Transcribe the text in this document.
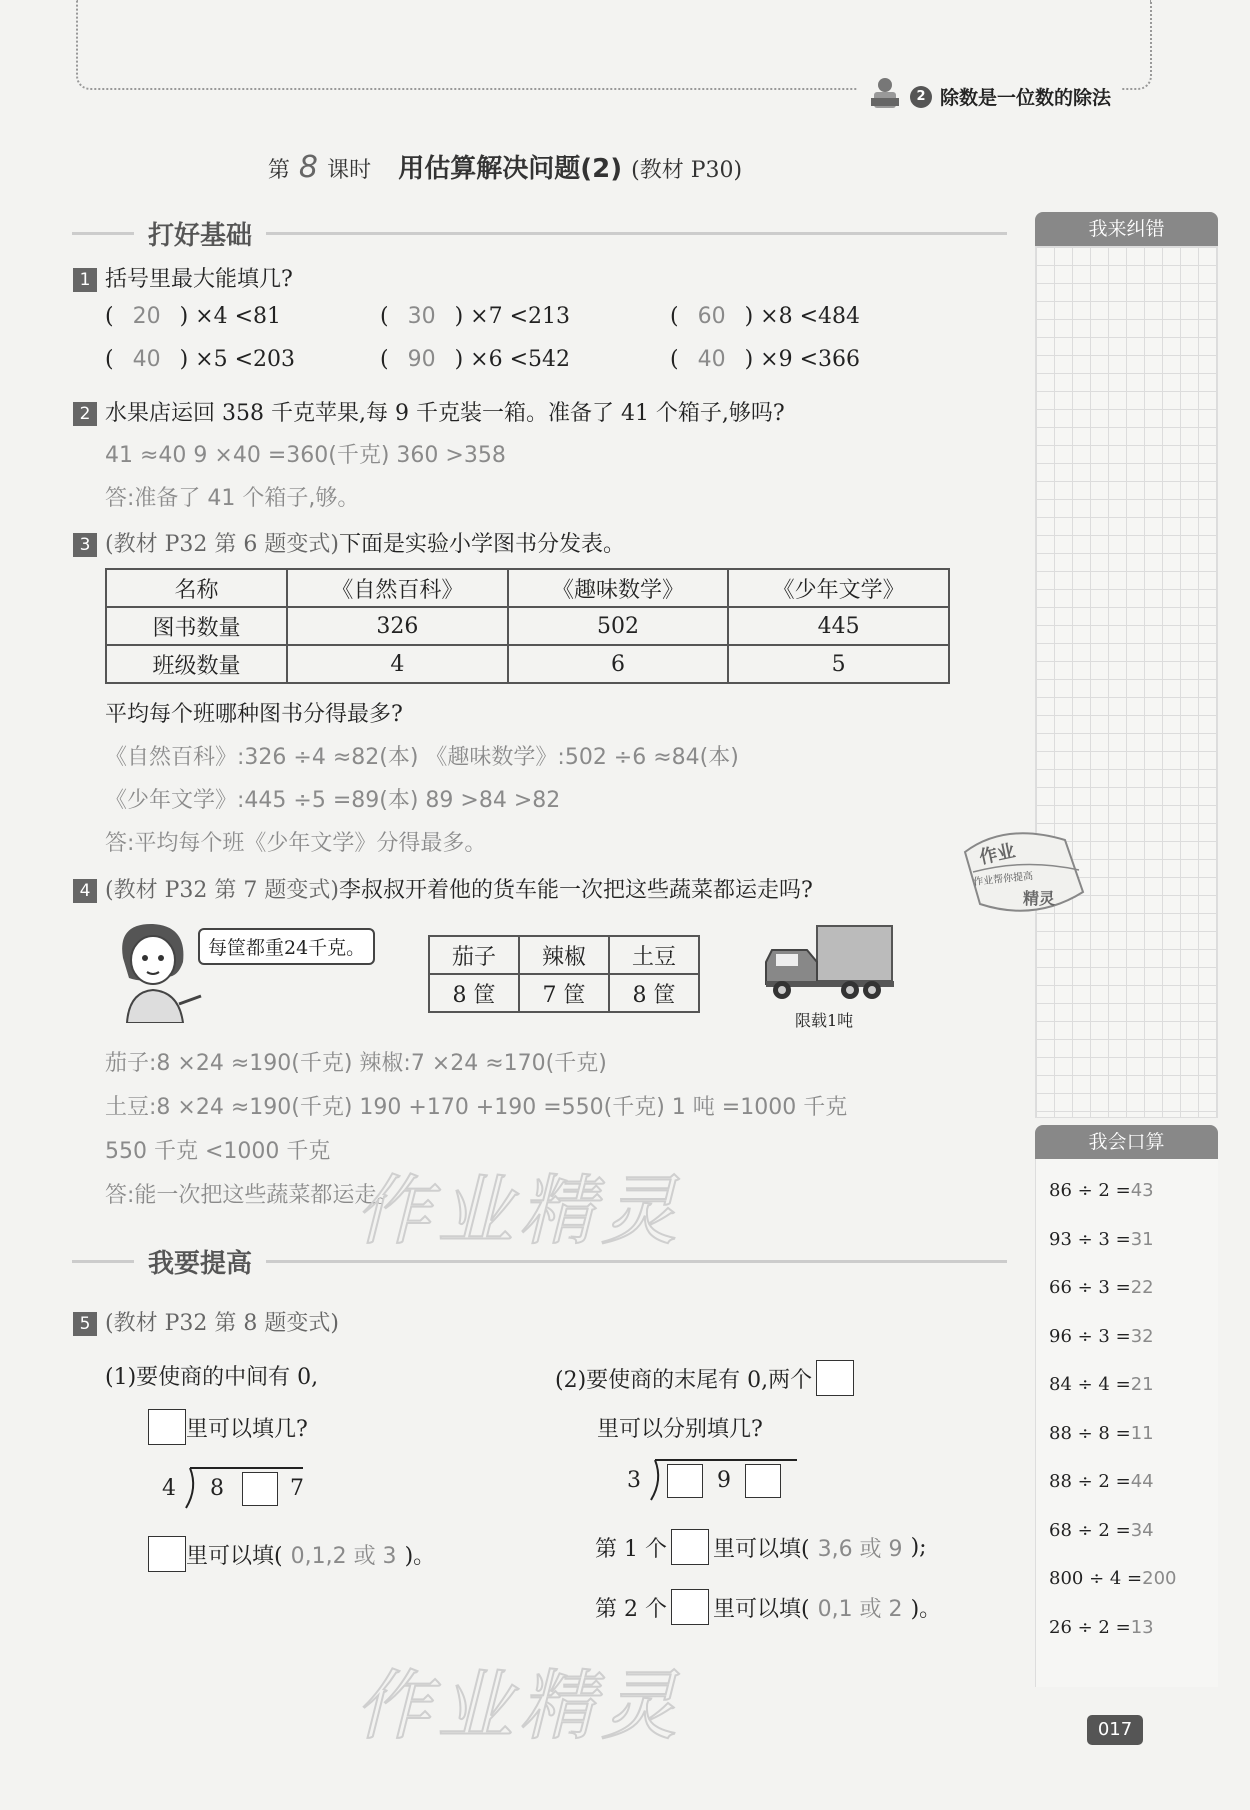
2 除数是一位数的除法
第 8 课时 用估算解决问题(2) (教材 P30)
打好基础	我来纠错
我会口算
86 ÷ 2 =43
93 ÷ 3 =31
66 ÷ 3 =22
96 ÷ 3 =32
84 ÷ 4 =21
88 ÷ 8 =11
88 ÷ 2 =44
68 ÷ 2 =34
800 ÷ 4 =200
26 ÷ 2 =13
1 括号里最大能填几?
( 20 ) ×4 <81	( 30 ) ×7 <213	( 60 ) ×8 <484
( 40 ) ×5 <203	( 90 ) ×6 <542	( 40 ) ×9 <366
2 水果店运回 358 千克苹果,每 9 千克装一箱。准备了 41 个箱子,够吗?
41 ≈40 9 ×40 =360(千克) 360 >358
答:准备了 41 个箱子,够。
3 (教材 P32 第 6 题变式)下面是实验小学图书分发表。
名称	《自然百科》	《趣味数学》	《少年文学》
图书数量	326	502	445
班级数量	4	6	5
平均每个班哪种图书分得最多?
《自然百科》:326 ÷4 ≈82(本) 《趣味数学》:502 ÷6 ≈84(本)
《少年文学》:445 ÷5 =89(本) 89 >84 >82
答:平均每个班《少年文学》分得最多。	作业
作业帮你提高
精灵
4 (教材 P32 第 7 题变式)李叔叔开着他的货车能一次把这些蔬菜都运走吗?
每筐都重24千克。	茄子	辣椒	土豆
8 筐	7 筐	8 筐
限载1吨
茄子:8 ×24 ≈190(千克) 辣椒:7 ×24 ≈170(千克)
土豆:8 ×24 ≈190(千克) 190 +170 +190 =550(千克) 1 吨 =1000 千克
550 千克 <1000 千克
答:能一次把这些蔬菜都运走。
我要提高
5 (教材 P32 第 8 题变式)
(1)要使商的中间有 0,
里可以填几?
4 8	7
里可以填( 0,1,2 或 3 )。
(2)要使商的末尾有 0,两个
里可以分别填几?
3	9
第 1 个 里可以填( 3,6 或 9 );
第 2 个 里可以填( 0,1 或 2 )。
作业精灵
作业精灵	017
